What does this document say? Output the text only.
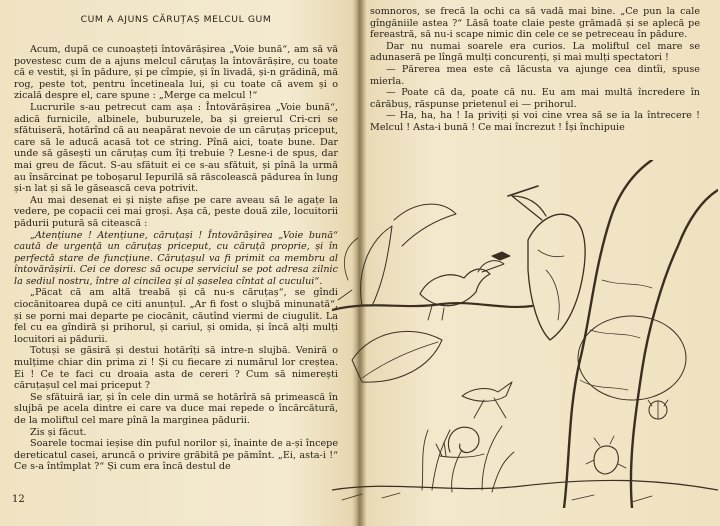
CUM A AJUNS CĂRUȚAȘ MELCUL GUM

Acum, după ce cunoașteți întovărășirea „Voie bună“, am să vă povestesc cum de a ajuns melcul căruțaș la întovărășire, cu toate că e vestit, și în pădure, și pe cîmpie, și în livadă, și-n grădină, mă rog, peste tot, pentru încetineala lui, și cu toate că avem și o zicală despre el, care spune : „Merge ca melcul !“

Lucrurile s-au petrecut cam așa : Întovărășirea „Voie bună“, adică furnicile, albinele, buburuzele, ba și greierul Cri-cri se sfătuiseră, hotărînd că au neapărat nevoie de un căruțaș priceput, care să le aducă acasă tot ce string. Pînă aici, toate bune. Dar unde să găsești un căruțaș cum îți trebuie ? Lesne-i de spus, dar mai greu de făcut. S-au sfătuit ei ce s-au sfătuit, și pînă la urmă au însărcinat pe toboșarul Iepurilă să răscolească pădurea în lung și-n lat și să le găsească ceva potrivit.

Au mai desenat ei și niște afișe pe care aveau să le agațe la vedere, pe copacii cei mai groși. Așa că, peste două zile, locuitorii pădurii putură să citească :

„Atențiune ! Atențiune, căruțași ! Întovărășirea „Voie bună“ caută de urgență un căruțaș priceput, cu căruță proprie, și în perfectă stare de funcțiune. Căruțașul va fi primit ca membru al întovărășirii. Cei ce doresc să ocupe serviciul se pot adresa zilnic la sediul nostru, între al cincilea și al șaselea cîntat al cucului“.

„Păcat că am altă treabă și că nu-s căruțaș“, se gîndi ciocănitoarea după ce citi anunțul. „Ar fi fost o slujbă minunată“, și se porni mai departe pe ciocănit, căutînd viermi de ciugulit. La fel cu ea gîndiră și prihorul, și cariul, și omida, și încă alți mulți locuitori ai pădurii.

Totuși se găsiră și destui hotărîți să intre-n slujbă. Veniră o mulțime chiar din prima zi ! Și cu fiecare zi numărul lor creștea. Ei ! Ce te faci cu droaia asta de cereri ? Cum să nimerești căruțașul cel mai priceput ?

Se sfătuiră iar, și în cele din urmă se hotărîră să primească în slujbă pe acela dintre ei care va duce mai repede o încărcătură, de la moliftul cel mare pînă la marginea pădurii.

Zis și făcut.

Soarele tocmai ieșise din puful norilor și, înainte de a-și începe dereticatul casei, aruncă o privire grăbită pe pămînt. „Ei, asta-i !“ Ce s-a întîmplat ?“ Și cum era încă destul de

12

somnoros, se frecă la ochi ca să vadă mai bine. „Ce pun la cale gîngăniile astea ?“ Lăsă toate claie peste grămadă și se aplecă pe fereastră, să nu-i scape nimic din cele ce se petreceau în pădure.

Dar nu numai soarele era curios. La moliftul cel mare se adunaseră pe lîngă mulți concurenți, și mai mulți spectatori !

— Părerea mea este că lăcusta va ajunge cea dintîi, spuse mierla.

— Poate că da, poate că nu. Eu am mai multă încredere în cărăbuș, răspunse prietenul ei — prihorul.

— Ha, ha, ha ! Ia priviți și voi cine vrea să se ia la întrecere ! Melcul ! Asta-i bună ! Ce mai încrezut ! Își închipuie
